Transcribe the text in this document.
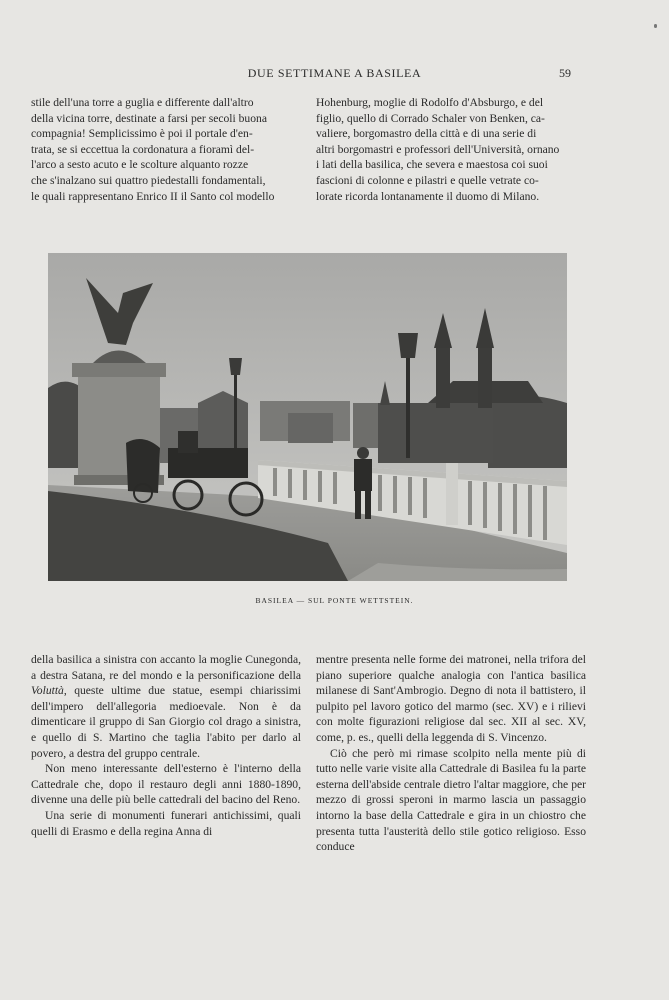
DUE SETTIMANE A BASILEA	59
stile dell'una torre a guglia e differente dall'altro
della vicina torre, destinate a farsi per secoli buona
compagnia! Semplicissimo è poi il portale d'en-
trata, se si eccettua la cordonatura a fioramì del-
l'arco a sesto acuto e le scolture alquanto rozze
che s'inalzano sui quattro piedestalli fondamentali,
le quali rappresentano Enrico II il Santo col modello
Hohenburg, moglie di Rodolfo d'Absburgo, e del
figlio, quello di Corrado Schaler von Benken, ca-
valiere, borgomastro della città e di una serie di
altri borgomastri e professori dell'Università, ornano
i lati della basilica, che severa e maestosa coi suoi
fascioni di colonne e pilastri e quelle vetrate co-
lorate ricorda lontanamente il duomo di Milano.
BASILEA — SUL PONTE WETTSTEIN.

della basilica a sinistra con accanto la moglie Cunegonda, a destra Satana, re del mondo e la personificazione della Voluttà, queste ultime due statue, esempi chiarissimi dell'impero dell'allegoria medioevale. Non è da dimenticare il gruppo di San Giorgio col drago a sinistra, e quello di S. Martino che taglia l'abito per darlo al povero, a destra del gruppo centrale.

Non meno interessante dell'esterno è l'interno della Cattedrale che, dopo il restauro degli anni 1880-1890, divenne una delle più belle cattedrali del bacino del Reno.

Una serie di monumenti funerari antichissimi, quali quelli di Erasmo e della regina Anna di

mentre presenta nelle forme dei matronei, nella trifora del piano superiore qualche analogia con l'antica basilica milanese di Sant'Ambrogio. Degno di nota il battistero, il pulpito pel lavoro gotico del marmo (sec. XV) e i rilievi con molte figurazioni religiose dal sec. XII al sec. XV, come, p. es., quelli della leggenda di S. Vincenzo.

Ciò che però mi rimase scolpito nella mente più di tutto nelle varie visite alla Cattedrale di Basilea fu la parte esterna dell'abside centrale dietro l'altar maggiore, che per mezzo di grossi speroni in marmo lascia un passaggio intorno la base della Cattedrale e gira in un chiostro che presenta tutta l'austerità dello stile gotico religioso. Esso conduce
